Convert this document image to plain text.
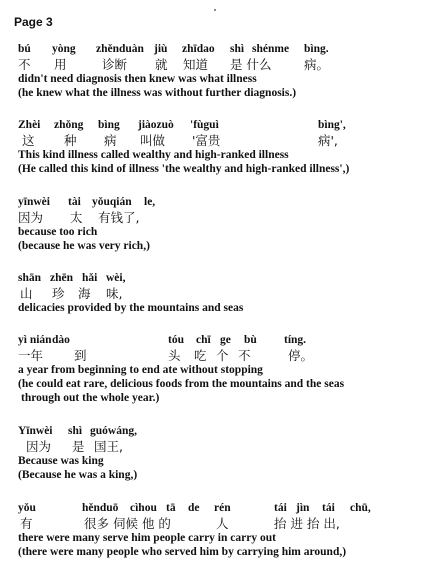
Page 3
bú yòng zhěnduàn jiù zhīdao shì shénme bìng.
不 用	诊断 就 知道 是 什么	病。
didn't need diagnosis then knew was what illness
(he knew what the illness was without further diagnosis.)
Zhèi zhǒng bìng jiàozuò 'fùguì	bìng',
这 种 病 叫做 '富贵	病',
This kind illness called wealthy and high-ranked illness
(He called this kind of illness 'the wealthy and high-ranked illness',)
yīnwèi tài yǒuqián le,
因为 太 有钱了,
because too rich
(because he was very rich,)
shān zhēn hǎi wèi,
山 珍 海 味,
delicacies provided by the mountains and seas
yì nián dào	tóu chī ge bù tíng.
一年 到	头 吃 个 不	停。
a year from beginning to end ate without stopping
(he could eat rare, delicious foods from the mountains and the seas
through out the whole year.)
Yīnwèi shì guówáng,
因为 是 国王,
Because was king
(Because he was a king,)
yǒu	hěnduō cìhou tā de rén	tái jìn tái chū,
有	很多 伺候 他 的	人	抬 进 抬 出,
there were many serve him people carry in carry out
(there were many people who served him by carrying him around,)
